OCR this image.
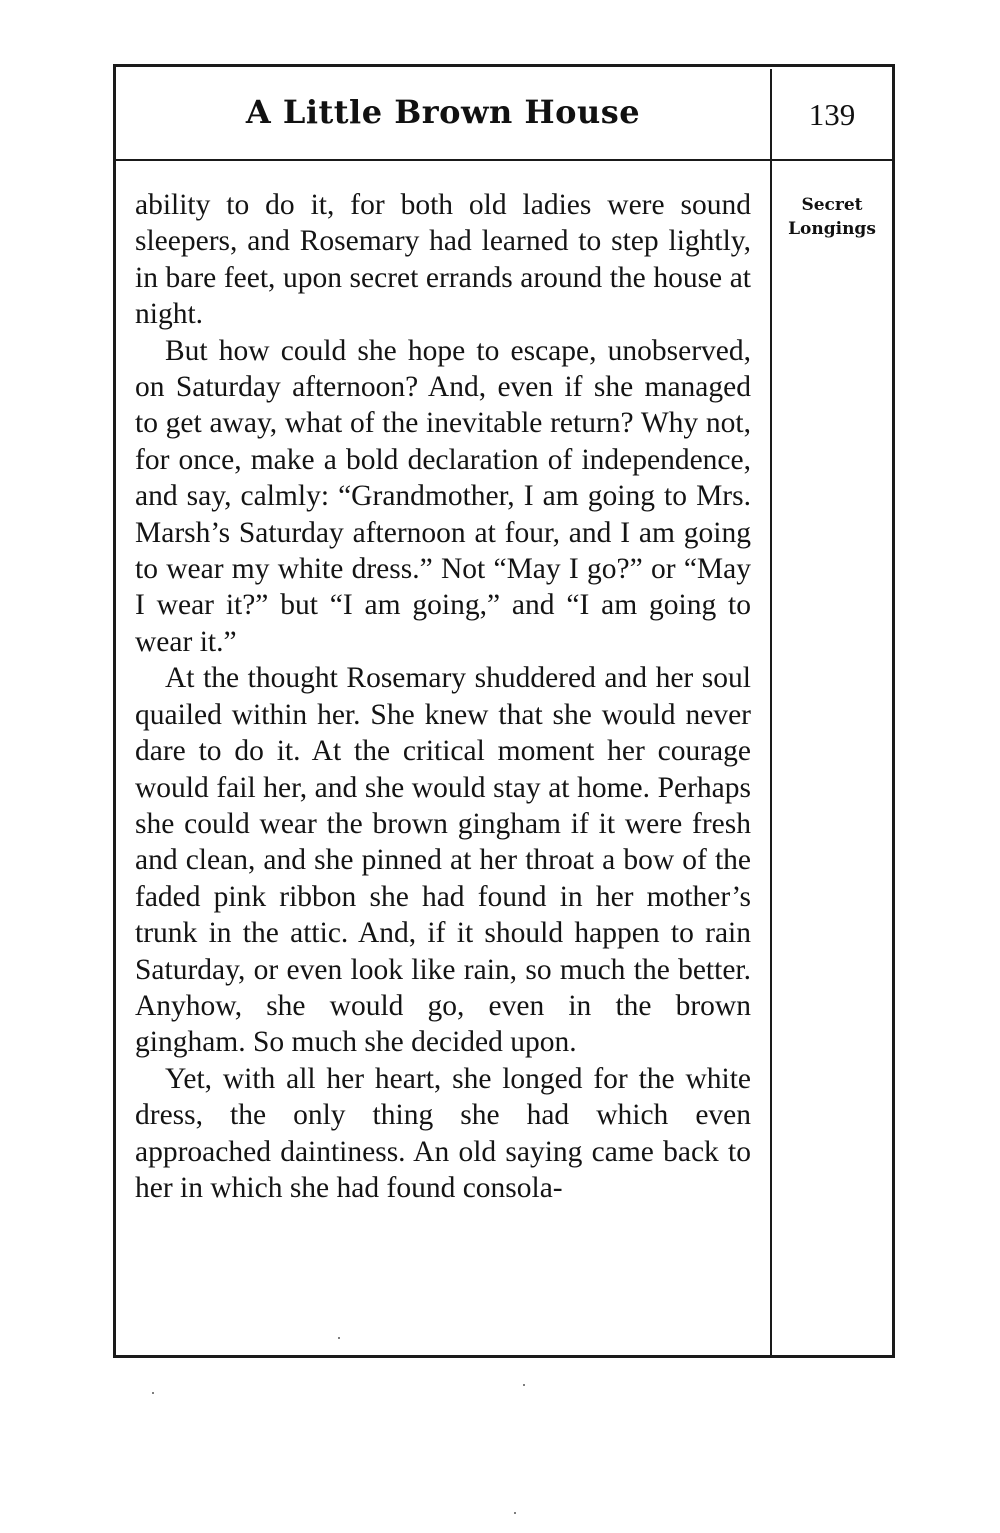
A Little Brown House	139
Secret
Longings

ability to do it, for both old ladies were sound sleepers, and Rosemary had learned to step lightly, in bare feet, upon secret errands around the house at night.

But how could she hope to escape, unobserved, on Saturday afternoon? And, even if she managed to get away, what of the inevitable return? Why not, for once, make a bold declaration of independence, and say, calmly: “Grandmother, I am going to Mrs. Marsh’s Saturday afternoon at four, and I am going to wear my white dress.” Not “May I go?” or “May I wear it?” but “I am going,” and “I am going to wear it.”

At the thought Rosemary shuddered and her soul quailed within her. She knew that she would never dare to do it. At the critical moment her courage would fail her, and she would stay at home. Perhaps she could wear the brown gingham if it were fresh and clean, and she pinned at her throat a bow of the faded pink ribbon she had found in her mother’s trunk in the attic. And, if it should happen to rain Saturday, or even look like rain, so much the better. Anyhow, she would go, even in the brown gingham. So much she decided upon.

Yet, with all her heart, she longed for the white dress, the only thing she had which even approached daintiness. An old saying came back to her in which she had found consola-
